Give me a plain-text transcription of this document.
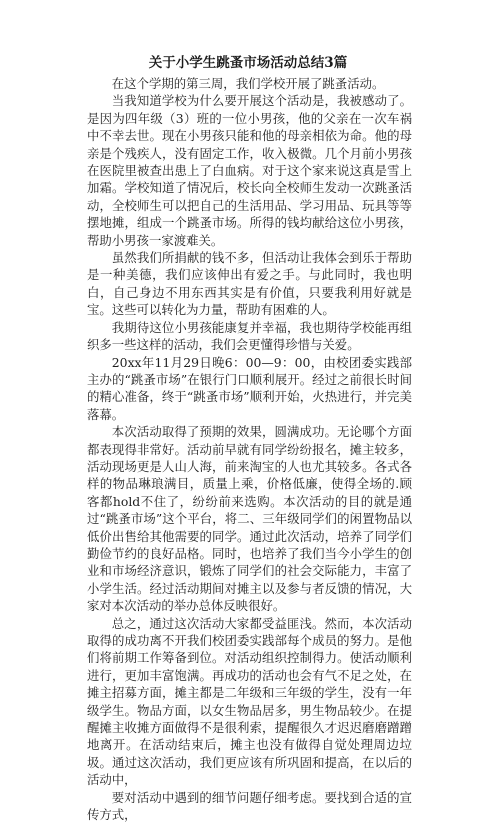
关于小学生跳蚤市场活动总结3篇

在这个学期的第三周，我们学校开展了跳蚤活动。

当我知道学校为什么要开展这个活动是，我被感动了。是因为四年级（3）班的一位小男孩，他的父亲在一次车祸中不幸去世。现在小男孩只能和他的母亲相依为命。他的母亲是个残疾人，没有固定工作，收入极微。几个月前小男孩在医院里被查出患上了白血病。对于这个家来说这真是雪上加霜。学校知道了情况后，校长向全校师生发动一次跳蚤活动，全校师生可以把自己的生活用品、学习用品、玩具等等摆地摊，组成一个跳蚤市场。所得的钱均献给这位小男孩，帮助小男孩一家渡难关。

虽然我们所捐献的钱不多，但活动让我体会到乐于帮助是一种美德，我们应该伸出有爱之手。与此同时，我也明白，自己身边不用东西其实是有价值，只要我利用好就是宝。这些可以转化为力量，帮助有困难的人。

我期待这位小男孩能康复并幸福，我也期待学校能再组织多一些这样的活动，我们会更懂得珍惜与关爱。

20xx年11月29日晚6：00—9：00，由校团委实践部主办的“跳蚤市场”在银行门口顺利展开。经过之前很长时间的精心准备，终于“跳蚤市场”顺利开始，火热进行，并完美落幕。

本次活动取得了预期的效果，圆满成功。无论哪个方面都表现得非常好。活动前早就有同学纷纷报名，摊主较多，活动现场更是人山人海，前来淘宝的人也尤其较多。各式各样的物品琳琅满目，质量上乘，价格低廉，使得全场的.顾客都hold不住了，纷纷前来选购。本次活动的目的就是通过“跳蚤市场”这个平台，将二、三年级同学们的闲置物品以低价出售给其他需要的同学。通过此次活动，培养了同学们勤俭节约的良好品格。同时，也培养了我们当今小学生的创业和市场经济意识，锻炼了同学们的社会交际能力，丰富了小学生活。经过活动期间对摊主以及参与者反馈的情况，大家对本次活动的举办总体反映很好。

总之，通过这次活动大家都受益匪浅。然而，本次活动取得的成功离不开我们校团委实践部每个成员的努力。是他们将前期工作筹备到位。对活动组织控制得力。使活动顺利进行，更加丰富饱满。再成功的活动也会有气不足之处，在摊主招募方面，摊主都是二年级和三年级的学生，没有一年级学生。物品方面，以女生物品居多，男生物品较少。在提醒摊主收摊方面做得不是很利索，提醒很久才迟迟磨磨蹭蹭地离开。在活动结束后，摊主也没有做得自觉处理周边垃圾。通过这次活动，我们更应该有所巩固和提高，在以后的活动中，

要对活动中遇到的细节问题仔细考虑。要找到合适的宣传方式，
